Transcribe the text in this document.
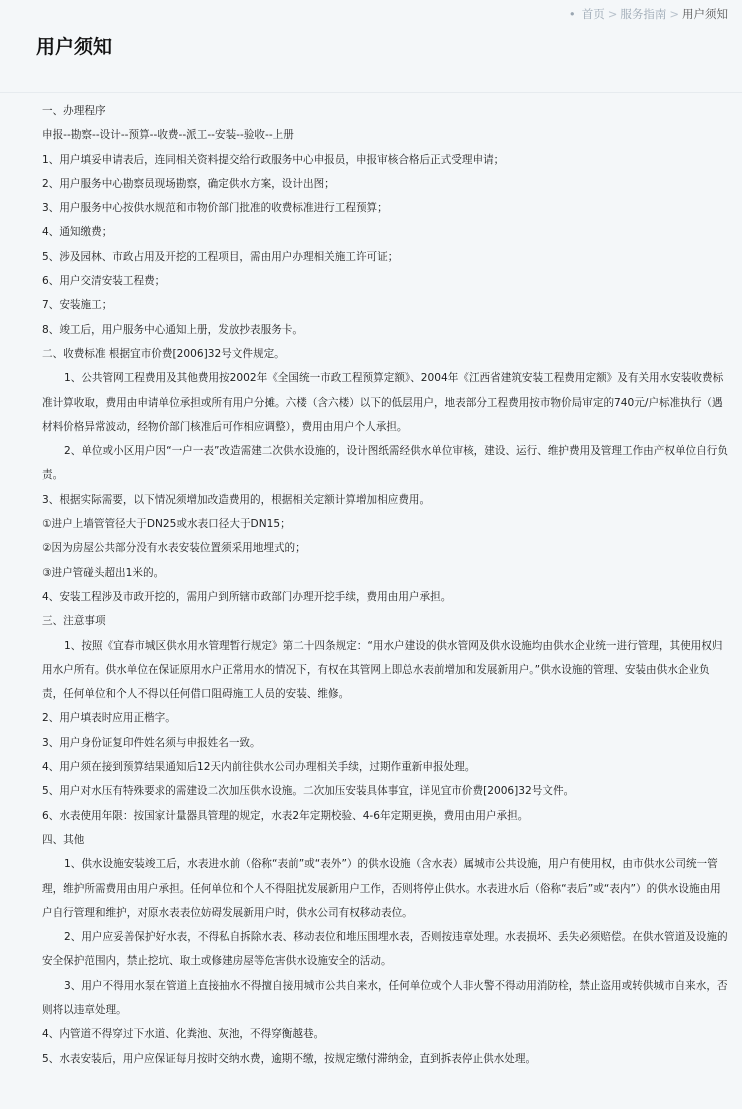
• 首页 > 服务指南 > 用户须知
用户须知

一、办理程序

申报--勘察--设计--预算--收费--派工--安装--验收--上册

1、用户填妥申请表后，连同相关资料提交给行政服务中心申报员，申报审核合格后正式受理申请；

2、用户服务中心勘察员现场勘察，确定供水方案，设计出图；

3、用户服务中心按供水规范和市物价部门批准的收费标准进行工程预算；

4、通知缴费；

5、涉及园林、市政占用及开挖的工程项目，需由用户办理相关施工许可证；

6、用户交清安装工程费；

7、安装施工；

8、竣工后，用户服务中心通知上册，发放抄表服务卡。

二、收费标准 根据宜市价费[2006]32号文件规定。

1、公共管网工程费用及其他费用按2002年《全国统一市政工程预算定额》、2004年《江西省建筑安装工程费用定额》及有关用水安装收费标准计算收取，费用由申请单位承担或所有用户分摊。六楼（含六楼）以下的低层用户，地表部分工程费用按市物价局审定的740元/户标准执行（遇材料价格异常波动，经物价部门核准后可作相应调整），费用由用户个人承担。

2、单位或小区用户因“一户一表”改造需建二次供水设施的，设计图纸需经供水单位审核，建设、运行、维护费用及管理工作由产权单位自行负责。

3、根据实际需要，以下情况须增加改造费用的，根据相关定额计算增加相应费用。

①进户上墙管管径大于DN25或水表口径大于DN15；

②因为房屋公共部分没有水表安装位置须采用地埋式的；

③进户管碰头超出1米的。

4、安装工程涉及市政开挖的，需用户到所辖市政部门办理开挖手续，费用由用户承担。

三、注意事项

1、按照《宜春市城区供水用水管理暂行规定》第二十四条规定：“用水户建设的供水管网及供水设施均由供水企业统一进行管理，其使用权归用水户所有。供水单位在保证原用水户正常用水的情况下，有权在其管网上即总水表前增加和发展新用户。”供水设施的管理、安装由供水企业负责，任何单位和个人不得以任何借口阻碍施工人员的安装、维修。

2、用户填表时应用正楷字。

3、用户身份证复印件姓名须与申报姓名一致。

4、用户须在接到预算结果通知后12天内前往供水公司办理相关手续，过期作重新申报处理。

5、用户对水压有特殊要求的需建设二次加压供水设施。二次加压安装具体事宜，详见宜市价费[2006]32号文件。

6、水表使用年限：按国家计量器具管理的规定，水表2年定期校验、4-6年定期更换，费用由用户承担。

四、其他

1、供水设施安装竣工后，水表进水前（俗称“表前”或“表外”）的供水设施（含水表）属城市公共设施，用户有使用权，由市供水公司统一管理，维护所需费用由用户承担。任何单位和个人不得阻扰发展新用户工作，否则将停止供水。水表进水后（俗称“表后”或“表内”）的供水设施由用户自行管理和维护，对原水表表位妨碍发展新用户时，供水公司有权移动表位。

2、用户应妥善保护好水表，不得私自拆除水表、移动表位和堆压围埋水表，否则按违章处理。水表损坏、丢失必须赔偿。在供水管道及设施的安全保护范围内，禁止挖坑、取土或修建房屋等危害供水设施安全的活动。

3、用户不得用水泵在管道上直接抽水不得擅自接用城市公共自来水，任何单位或个人非火警不得动用消防栓，禁止盗用或转供城市自来水，否则将以违章处理。

4、内管道不得穿过下水道、化粪池、灰池，不得穿衡越巷。

5、水表安装后，用户应保证每月按时交纳水费，逾期不缴，按规定缴付滞纳金，直到拆表停止供水处理。
